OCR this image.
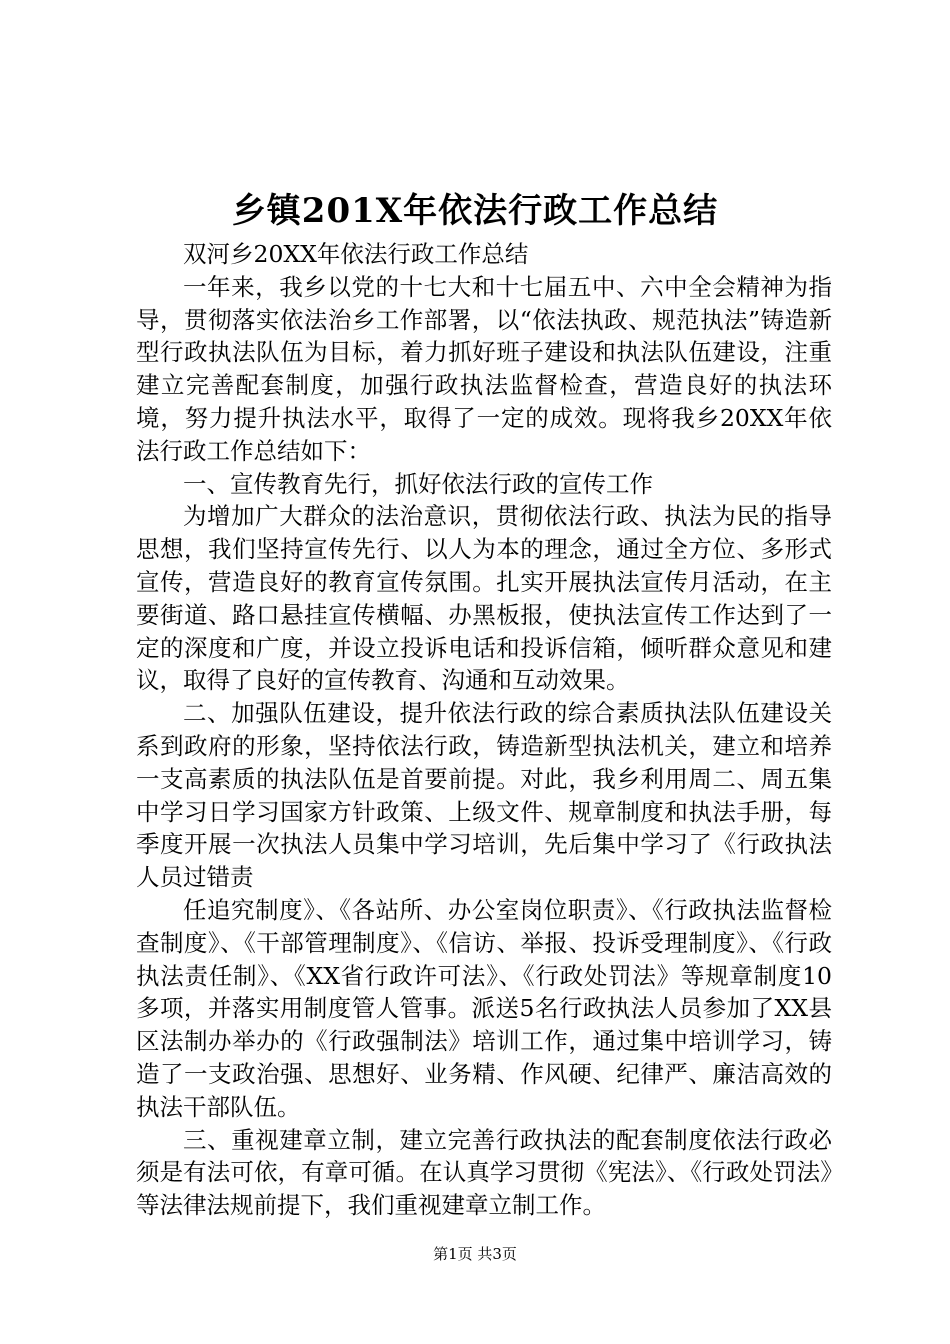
乡镇201X年依法行政工作总结

双河乡20XX年依法行政工作总结

一年来，我乡以党的十七大和十七届五中、六中全会精神为指导，贯彻落实依法治乡工作部署，以“依法执政、规范执法”铸造新型行政执法队伍为目标，着力抓好班子建设和执法队伍建设，注重建立完善配套制度，加强行政执法监督检查，营造良好的执法环境，努力提升执法水平，取得了一定的成效。现将我乡20XX年依法行政工作总结如下：

一、宣传教育先行，抓好依法行政的宣传工作

为增加广大群众的法治意识，贯彻依法行政、执法为民的指导思想，我们坚持宣传先行、以人为本的理念，通过全方位、多形式宣传，营造良好的教育宣传氛围。扎实开展执法宣传月活动，在主要街道、路口悬挂宣传横幅、办黑板报，使执法宣传工作达到了一定的深度和广度，并设立投诉电话和投诉信箱，倾听群众意见和建议，取得了良好的宣传教育、沟通和互动效果。

二、加强队伍建设，提升依法行政的综合素质执法队伍建设关系到政府的形象，坚持依法行政，铸造新型执法机关，建立和培养一支高素质的执法队伍是首要前提。对此，我乡利用周二、周五集中学习日学习国家方针政策、上级文件、规章制度和执法手册，每季度开展一次执法人员集中学习培训，先后集中学习了《行政执法人员过错责

任追究制度》、《各站所、办公室岗位职责》、《行政执法监督检查制度》、《干部管理制度》、《信访、举报、投诉受理制度》、《行政执法责任制》、《XX省行政许可法》、《行政处罚法》等规章制度10多项，并落实用制度管人管事。派送5名行政执法人员参加了XX县区法制办举办的《行政强制法》培训工作，通过集中培训学习，铸造了一支政治强、思想好、业务精、作风硬、纪律严、廉洁高效的执法干部队伍。

三、重视建章立制，建立完善行政执法的配套制度依法行政必须是有法可依，有章可循。在认真学习贯彻《宪法》、《行政处罚法》等法律法规前提下，我们重视建章立制工作。

第1页 共3页
